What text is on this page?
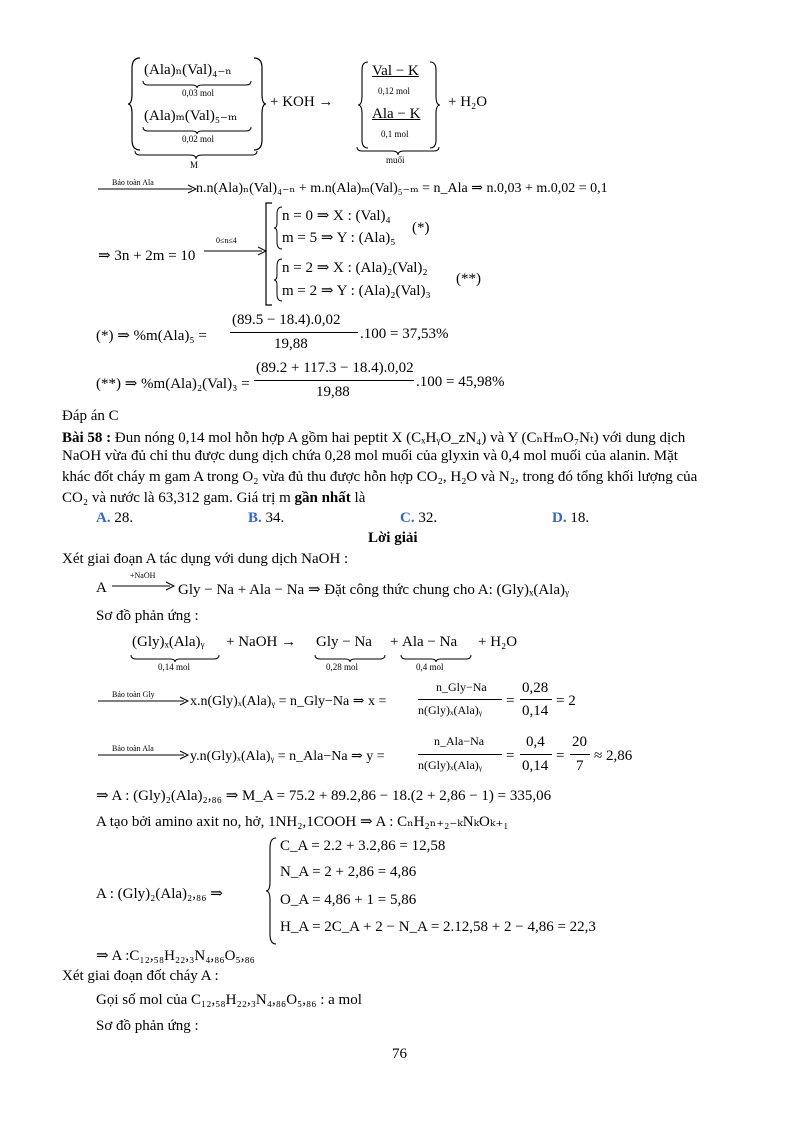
(Ala)ₙ(Val)₄₋ₙ
0,03 mol
(Ala)ₘ(Val)₅₋ₘ
0,02 mol
M
+ KOH →
Val − K
0,12 mol
Ala − K
0,1 mol
muối
+ H₂O
Bảo toàn Ala	n.n(Ala)ₙ(Val)₄₋ₙ + m.n(Ala)ₘ(Val)₅₋ₘ = n_Ala ⇒ n.0,03 + m.0,02 = 0,1
⇒ 3n + 2m = 10
0≤n≤4
n = 0 ⇒ X : (Val)₄
m = 5 ⇒ Y : (Ala)₅
(*)
n = 2 ⇒ X : (Ala)₂(Val)₂
m = 2 ⇒ Y : (Ala)₂(Val)₃
(**)
(*) ⇒ %m(Ala)₅ =
(89.5 − 18.4).0,02
19,88
.100 = 37,53%
(**) ⇒ %m(Ala)₂(Val)₃ =
(89.2 + 117.3 − 18.4).0,02
19,88
.100 = 45,98%
Đáp án C
Bài 58 : Đun nóng 0,14 mol hỗn hợp A gồm hai peptit X (CₓHᵧO_zN₄) và Y (CₙHₘO₇Nₜ) với dung dịch
NaOH vừa đủ chỉ thu được dung dịch chứa 0,28 mol muối của glyxin và 0,4 mol muối của alanin. Mặt
khác đốt cháy m gam A trong O₂ vừa đủ thu được hỗn hợp CO₂, H₂O và N₂, trong đó tổng khối lượng của
CO₂ và nước là 63,312 gam. Giá trị m gần nhất là
A. 28.	B. 34.	C. 32.	D. 18.
Lời giải
Xét giai đoạn A tác dụng với dung dịch NaOH :
A
+NaOH
Gly − Na + Ala − Na ⇒ Đặt công thức chung cho A: (Gly)ₓ(Ala)ᵧ
Sơ đồ phản ứng :
(Gly)ₓ(Ala)ᵧ
0,14 mol
+ NaOH → Gly − Na
0,28 mol
+ Ala − Na
0,4 mol
+ H₂O
Bảo toàn Gly	x.n(Gly)ₓ(Ala)ᵧ = n_Gly−Na ⇒ x =
n_Gly−Na
n(Gly)ₓ(Ala)ᵧ
=
0,28
0,14
= 2
Bảo toàn Ala
y.n(Gly)ₓ(Ala)ᵧ = n_Ala−Na ⇒ y =
n_Ala−Na
n(Gly)ₓ(Ala)ᵧ
=
0,4
0,14
=
20
7
≈ 2,86
⇒ A : (Gly)₂(Ala)₂,₈₆ ⇒ M_A = 75.2 + 89.2,86 − 18.(2 + 2,86 − 1) = 335,06
A tạo bởi amino axit no, hở, 1NH₂,1COOH ⇒ A : CₙH₂ₙ₊₂₋ₖNₖOₖ₊₁
A : (Gly)₂(Ala)₂,₈₆ ⇒
C_A = 2.2 + 3.2,86 = 12,58
N_A = 2 + 2,86 = 4,86
O_A = 4,86 + 1 = 5,86
H_A = 2C_A + 2 − N_A = 2.12,58 + 2 − 4,86 = 22,3
⇒ A :C₁₂,₅₈H₂₂,₃N₄,₈₆O₅,₈₆
Xét giai đoạn đốt cháy A :
Gọi số mol của C₁₂,₅₈H₂₂,₃N₄,₈₆O₅,₈₆ : a mol
Sơ đồ phản ứng :
76
